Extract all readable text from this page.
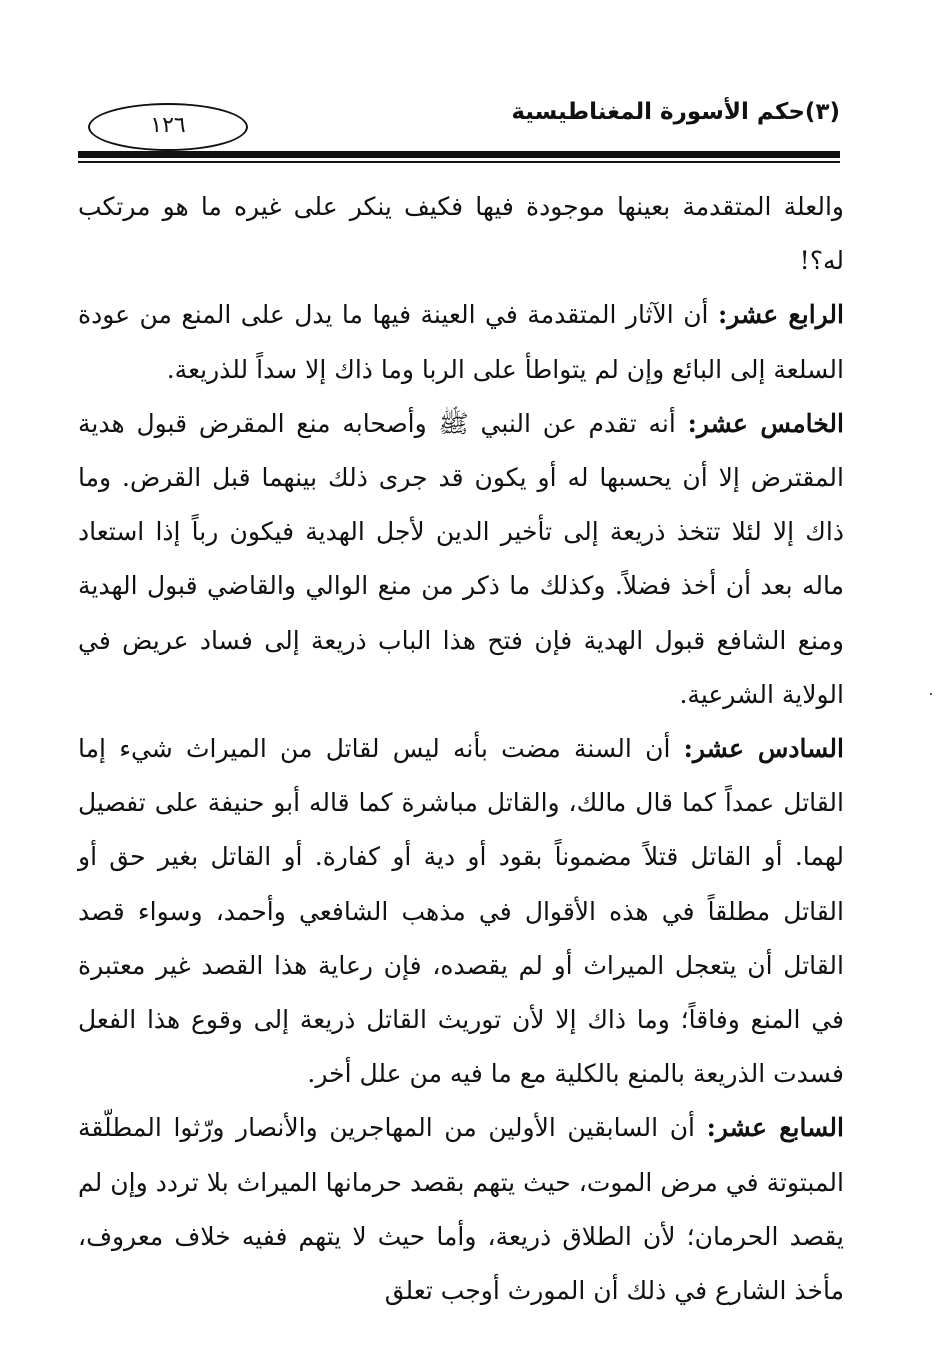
(٣)حكم الأسورة المغناطيسية
١٢٦

والعلة المتقدمة بعينها موجودة فيها فكيف ينكر على غيره ما هو مرتكب له؟!

الرابع عشر: أن الآثار المتقدمة في العينة فيها ما يدل على المنع من عودة السلعة إلى البائع وإن لم يتواطأ على الربا وما ذاك إلا سداً للذريعة.

الخامس عشر: أنه تقدم عن النبي ﷺ وأصحابه منع المقرض قبول هدية المقترض إلا أن يحسبها له أو يكون قد جرى ذلك بينهما قبل القرض. وما ذاك إلا لئلا تتخذ ذريعة إلى تأخير الدين لأجل الهدية فيكون رباً إذا استعاد ماله بعد أن أخذ فضلاً. وكذلك ما ذكر من منع الوالي والقاضي قبول الهدية ومنع الشافع قبول الهدية فإن فتح هذا الباب ذريعة إلى فساد عريض في الولاية الشرعية.

السادس عشر: أن السنة مضت بأنه ليس لقاتل من الميراث شيء إما القاتل عمداً كما قال مالك، والقاتل مباشرة كما قاله أبو حنيفة على تفصيل لهما. أو القاتل قتلاً مضموناً بقود أو دية أو كفارة. أو القاتل بغير حق أو القاتل مطلقاً في هذه الأقوال في مذهب الشافعي وأحمد، وسواء قصد القاتل أن يتعجل الميراث أو لم يقصده، فإن رعاية هذا القصد غير معتبرة في المنع وفاقاً؛ وما ذاك إلا لأن توريث القاتل ذريعة إلى وقوع هذا الفعل فسدت الذريعة بالمنع بالكلية مع ما فيه من علل أخر.

السابع عشر: أن السابقين الأولين من المهاجرين والأنصار ورّثوا المطلّقة المبتوتة في مرض الموت، حيث يتهم بقصد حرمانها الميراث بلا تردد وإن لم يقصد الحرمان؛ لأن الطلاق ذريعة، وأما حيث لا يتهم ففيه خلاف معروف، مأخذ الشارع في ذلك أن المورث أوجب تعلق
